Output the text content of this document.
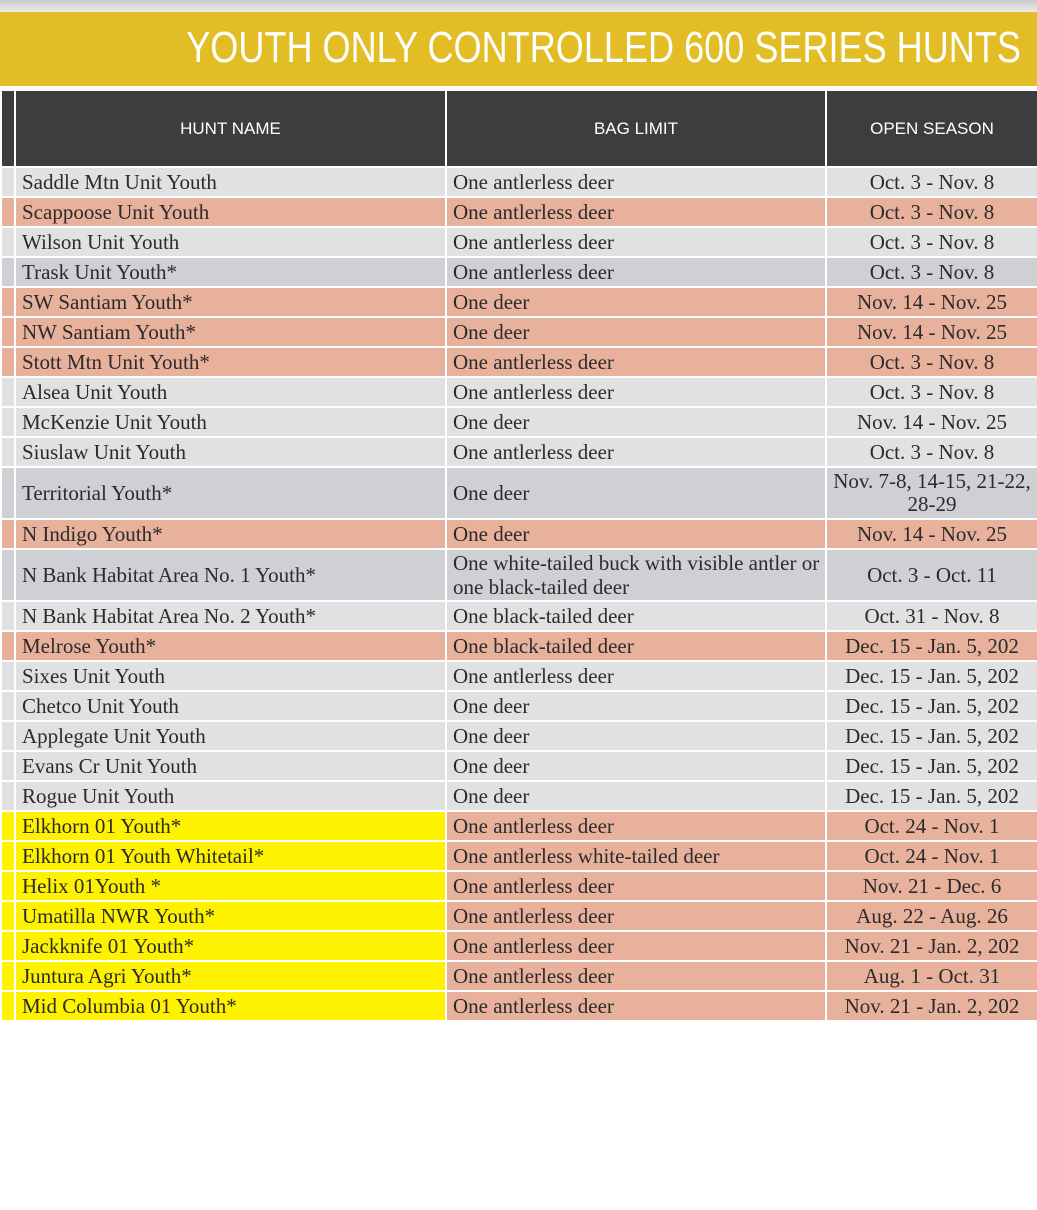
YOUTH ONLY CONTROLLED 600 SERIES HUNTS
	HUNT NAME	BAG LIMIT	OPEN SEASON
	Saddle Mtn Unit Youth	One antlerless deer	Oct. 3 - Nov. 8
	Scappoose Unit Youth	One antlerless deer	Oct. 3 - Nov. 8
	Wilson Unit Youth	One antlerless deer	Oct. 3 - Nov. 8
	Trask Unit Youth*	One antlerless deer	Oct. 3 - Nov. 8
	SW Santiam Youth*	One deer	Nov. 14 - Nov. 25
	NW Santiam Youth*	One deer	Nov. 14 - Nov. 25
	Stott Mtn Unit Youth*	One antlerless deer	Oct. 3 - Nov. 8
	Alsea Unit Youth	One antlerless deer	Oct. 3 - Nov. 8
	McKenzie Unit Youth	One deer	Nov. 14 - Nov. 25
	Siuslaw Unit Youth	One antlerless deer	Oct. 3 - Nov. 8
	Territorial Youth*	One deer	Nov. 7-8, 14-15, 21-22, 28-29
	N Indigo Youth*	One deer	Nov. 14 - Nov. 25
	N Bank Habitat Area No. 1 Youth*	One white-tailed buck with visible antler or one black-tailed deer	Oct. 3 - Oct. 11
	N Bank Habitat Area No. 2 Youth*	One black-tailed deer	Oct. 31 - Nov. 8
	Melrose Youth*	One black-tailed deer	Dec. 15 - Jan. 5, 202
	Sixes Unit Youth	One antlerless deer	Dec. 15 - Jan. 5, 202
	Chetco Unit Youth	One deer	Dec. 15 - Jan. 5, 202
	Applegate Unit Youth	One deer	Dec. 15 - Jan. 5, 202
	Evans Cr Unit Youth	One deer	Dec. 15 - Jan. 5, 202
	Rogue Unit Youth	One deer	Dec. 15 - Jan. 5, 202
	Elkhorn 01 Youth*	One antlerless deer	Oct. 24 - Nov. 1
	Elkhorn 01 Youth Whitetail*	One antlerless white-tailed deer	Oct. 24 - Nov. 1
	Helix 01Youth *	One antlerless deer	Nov. 21 - Dec. 6
	Umatilla NWR Youth*	One antlerless deer	Aug. 22 - Aug. 26
	Jackknife 01 Youth*	One antlerless deer	Nov. 21 - Jan. 2, 202
	Juntura Agri Youth*	One antlerless deer	Aug. 1 - Oct. 31
	Mid Columbia 01 Youth*	One antlerless deer	Nov. 21 - Jan. 2, 202
